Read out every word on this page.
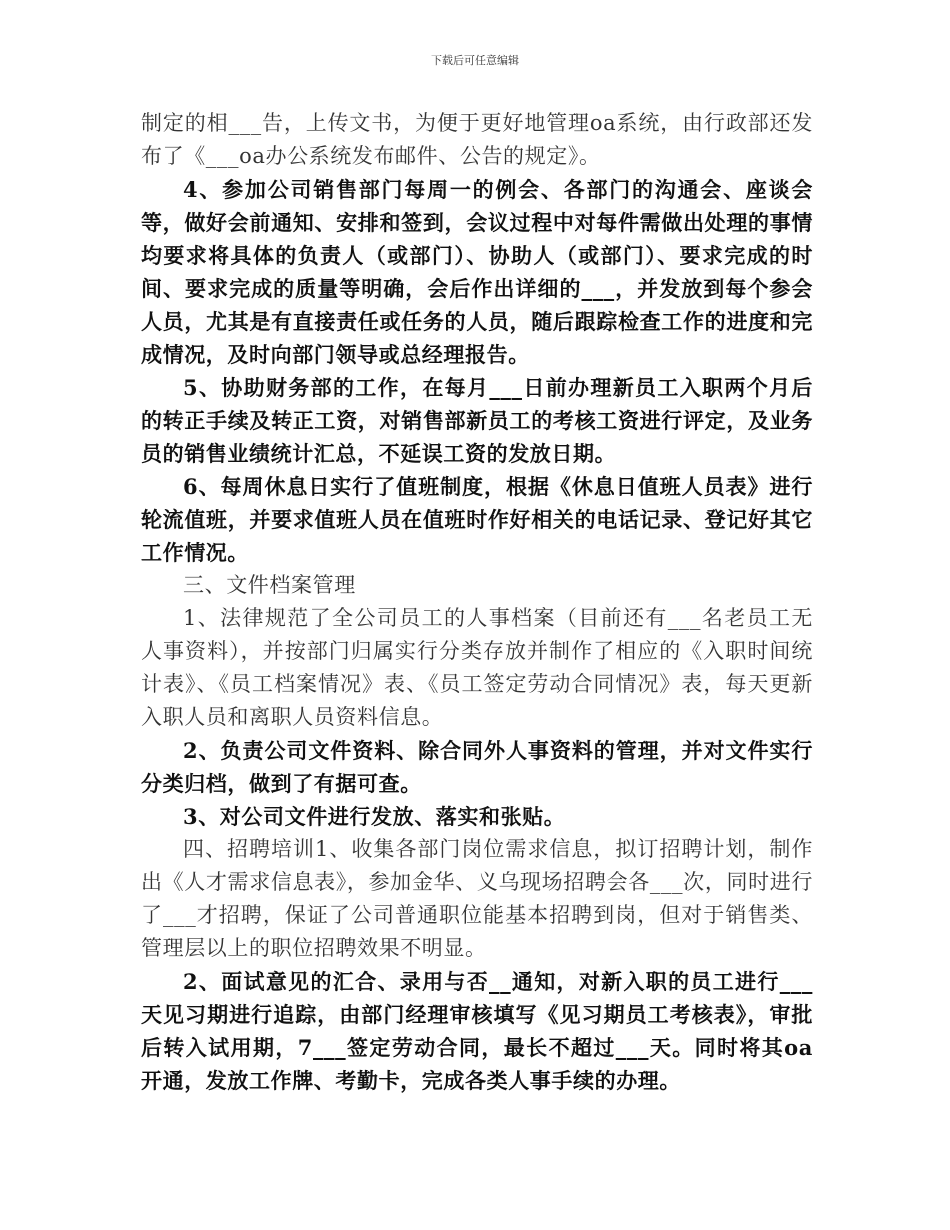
下载后可任意编辑

制定的相___告，上传文书，为便于更好地管理oa系统，由行政部还发布了《___oa办公系统发布邮件、公告的规定》。

4、参加公司销售部门每周一的例会、各部门的沟通会、座谈会等，做好会前通知、安排和签到，会议过程中对每件需做出处理的事情均要求将具体的负责人（或部门）、协助人（或部门）、要求完成的时间、要求完成的质量等明确，会后作出详细的___，并发放到每个参会人员，尤其是有直接责任或任务的人员，随后跟踪检查工作的进度和完成情况，及时向部门领导或总经理报告。

5、协助财务部的工作，在每月___日前办理新员工入职两个月后的转正手续及转正工资，对销售部新员工的考核工资进行评定，及业务员的销售业绩统计汇总，不延误工资的发放日期。

6、每周休息日实行了值班制度，根据《休息日值班人员表》进行轮流值班，并要求值班人员在值班时作好相关的电话记录、登记好其它工作情况。

三、文件档案管理

1、法律规范了全公司员工的人事档案（目前还有___名老员工无人事资料），并按部门归属实行分类存放并制作了相应的《入职时间统计表》、《员工档案情况》表、《员工签定劳动合同情况》表，每天更新入职人员和离职人员资料信息。

2、负责公司文件资料、除合同外人事资料的管理，并对文件实行分类归档，做到了有据可查。

3、对公司文件进行发放、落实和张贴。

四、招聘培训1、收集各部门岗位需求信息，拟订招聘计划，制作出《人才需求信息表》，参加金华、义乌现场招聘会各___次，同时进行了___才招聘，保证了公司普通职位能基本招聘到岗，但对于销售类、管理层以上的职位招聘效果不明显。

2、面试意见的汇合、录用与否__通知，对新入职的员工进行___天见习期进行追踪，由部门经理审核填写《见习期员工考核表》，审批后转入试用期，7___签定劳动合同，最长不超过___天。同时将其oa开通，发放工作牌、考勤卡，完成各类人事手续的办理。
